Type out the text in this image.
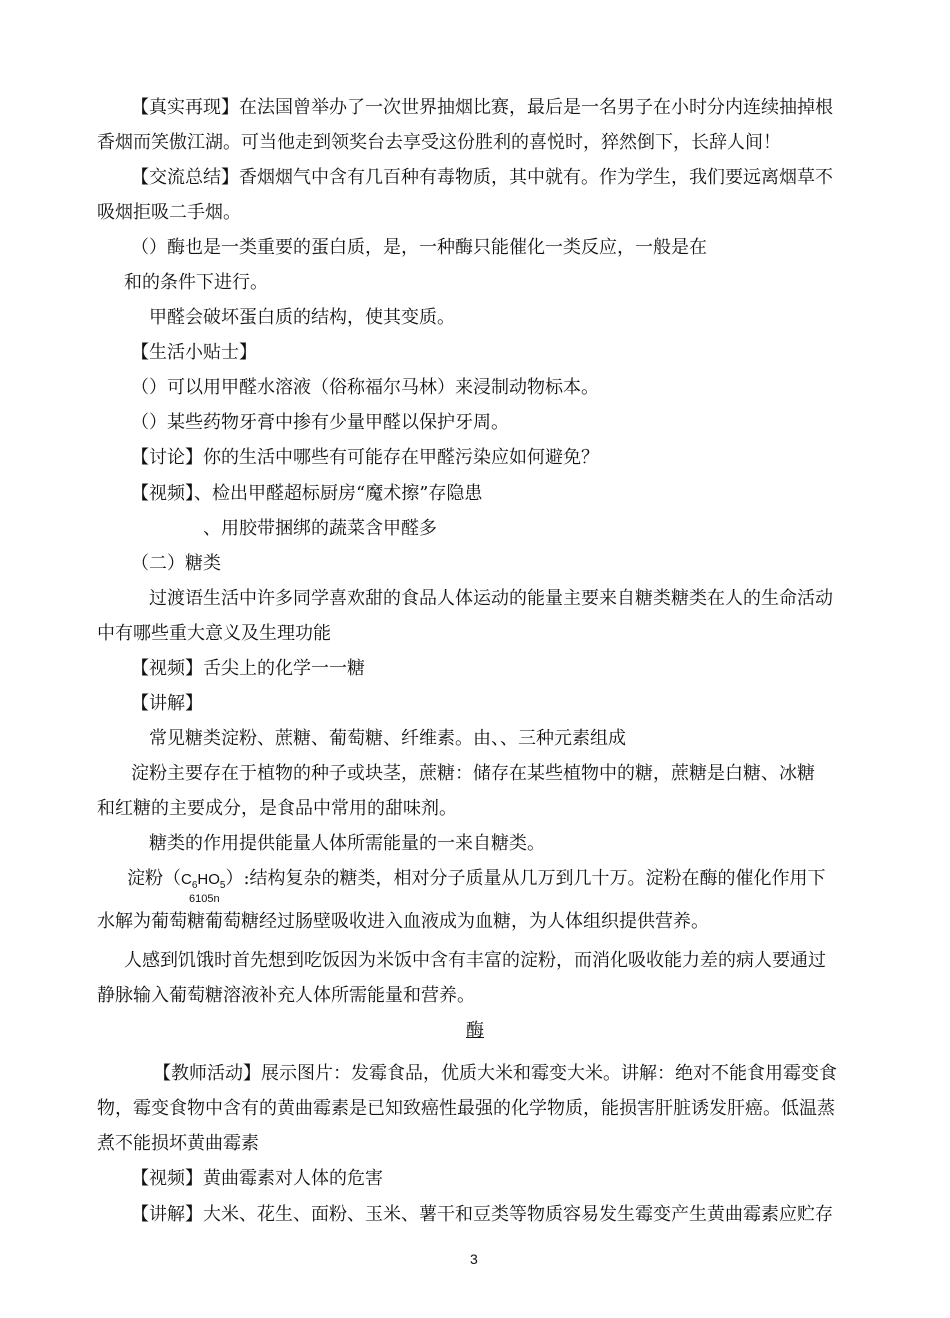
【真实再现】在法国曾举办了一次世界抽烟比赛，最后是一名男子在小时分内连续抽掉根
香烟而笑傲江湖。可当他走到领奖台去享受这份胜利的喜悦时，猝然倒下，长辞人间！
【交流总结】香烟烟气中含有几百种有毒物质，其中就有。作为学生，我们要远离烟草不
吸烟拒吸二手烟。
（）酶也是一类重要的蛋白质，是，一种酶只能催化一类反应，一般是在
和的条件下进行。
甲醛会破坏蛋白质的结构，使其变质。
【生活小贴士】
（）可以用甲醛水溶液（俗称福尔马林）来浸制动物标本。
（）某些药物牙膏中掺有少量甲醛以保护牙周。
【讨论】你的生活中哪些有可能存在甲醛污染应如何避免？
【视频】、检出甲醛超标厨房“魔术擦”存隐患
、用胶带捆绑的蔬菜含甲醛多
（二）糖类
过渡语生活中许多同学喜欢甜的食品人体运动的能量主要来自糖类糖类在人的生命活动
中有哪些重大意义及生理功能
【视频】舌尖上的化学一一糖
【讲解】
常见糖类淀粉、蔗糖、葡萄糖、纤维素。由、、三种元素组成
淀粉主要存在于植物的种子或块茎，蔗糖：储存在某些植物中的糖，蔗糖是白糖、冰糖
和红糖的主要成分，是食品中常用的甜味剂。
糖类的作用提供能量人体所需能量的一来自糖类。
淀粉$(C_6HO_5)$:结构复杂的糖类，相对分子质量从几万到几十万。淀粉在酶的催化作用下
6105n
水解为葡萄糖葡萄糖经过肠壁吸收进入血液成为血糖，为人体组织提供营养。
人感到饥饿时首先想到吃饭因为米饭中含有丰富的淀粉，而消化吸收能力差的病人要通过
静脉输入葡萄糖溶液补充人体所需能量和营养。
酶
【教师活动】展示图片：发霉食品，优质大米和霉变大米。讲解：绝对不能食用霉变食
物，霉变食物中含有的黄曲霉素是已知致癌性最强的化学物质，能损害肝脏诱发肝癌。低温蒸
煮不能损坏黄曲霉素
【视频】黄曲霉素对人体的危害
【讲解】大米、花生、面粉、玉米、薯干和豆类等物质容易发生霉变产生黄曲霉素应贮存
3
